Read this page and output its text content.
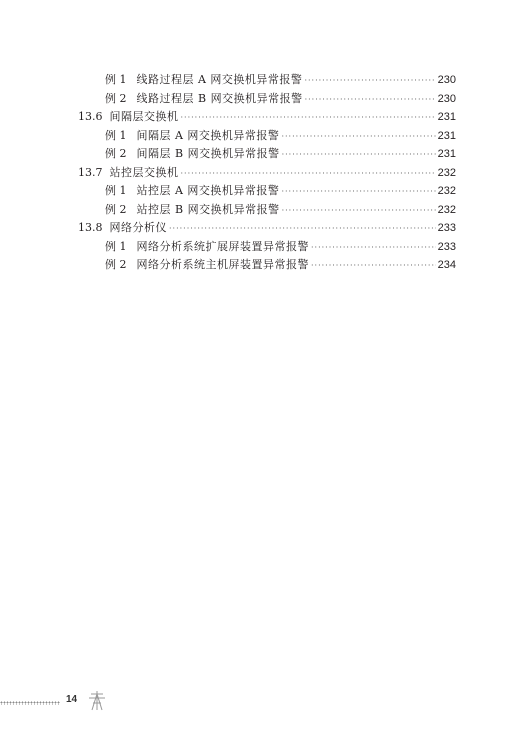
例 1 线路过程层 A 网交换机异常报警 ·····	230
例 2 线路过程层 B 网交换机异常报警 ·····	230
13.6 间隔层交换机 ·····	231
例 1 间隔层 A 网交换机异常报警 ·····	231
例 2 间隔层 B 网交换机异常报警 ·····	231
13.7 站控层交换机 ·····	232
例 1 站控层 A 网交换机异常报警 ·····	232
例 2 站控层 B 网交换机异常报警 ·····	232
13.8 网络分析仪 ·····	233
例 1 网络分析系统扩展屏装置异常报警 ·····	233
例 2 网络分析系统主机屏装置异常报警 ·····	234
14
